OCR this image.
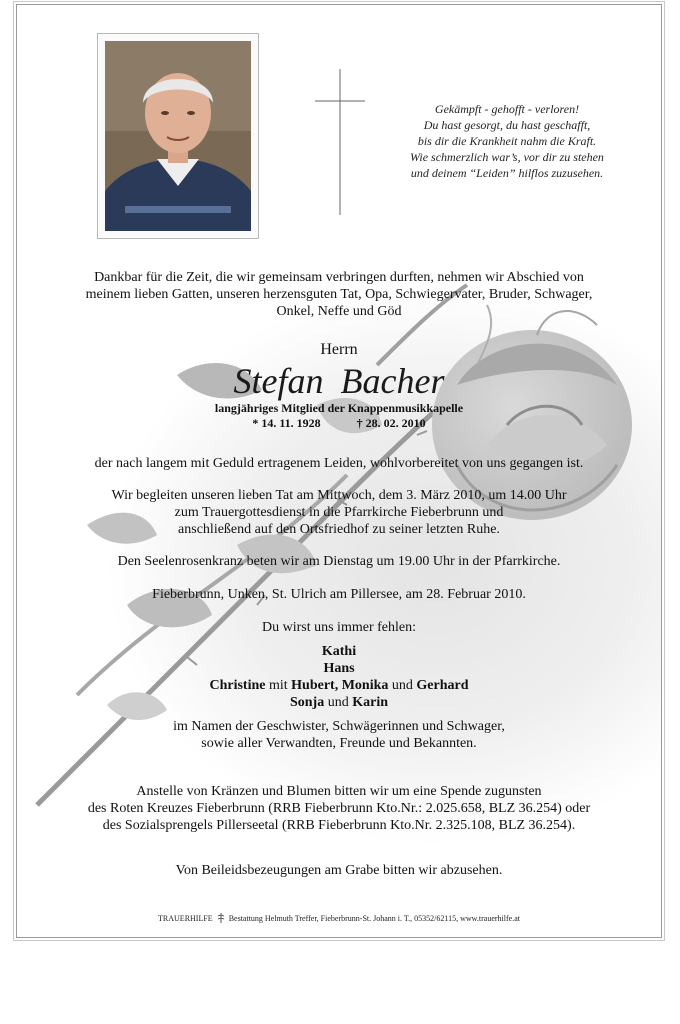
Gekämpft - gehofft - verloren!
Du hast gesorgt, du hast geschafft,
bis dir die Krankheit nahm die Kraft.
Wie schmerzlich war’s, vor dir zu stehen
und deinem “Leiden” hilflos zuzusehen.
Dankbar für die Zeit, die wir gemeinsam verbringen durften, nehmen wir Abschied von
meinem lieben Gatten, unseren herzensguten Tat, Opa, Schwiegervater, Bruder, Schwager,
Onkel, Neffe und Göd
Herrn
Stefan Bacher
langjähriges Mitglied der Knappenmusikkapelle
* 14. 11. 1928	† 28. 02. 2010
der nach langem mit Geduld ertragenem Leiden, wohlvorbereitet von uns gegangen ist.
Wir begleiten unseren lieben Tat am Mittwoch, dem 3. März 2010, um 14.00 Uhr
zum Trauergottesdienst in die Pfarrkirche Fieberbrunn und
anschließend auf den Ortsfriedhof zu seiner letzten Ruhe.
Den Seelenrosenkranz beten wir am Dienstag um 19.00 Uhr in der Pfarrkirche.
Fieberbrunn, Unken, St. Ulrich am Pillersee, am 28. Februar 2010.
Du wirst uns immer fehlen:
Kathi
Hans
Christine mit Hubert, Monika und Gerhard
Sonja und Karin
im Namen der Geschwister, Schwägerinnen und Schwager,
sowie aller Verwandten, Freunde und Bekannten.
Anstelle von Kränzen und Blumen bitten wir um eine Spende zugunsten
des Roten Kreuzes Fieberbrunn (RRB Fieberbrunn Kto.Nr.: 2.025.658, BLZ 36.254) oder
des Sozialsprengels Pillerseetal (RRB Fieberbrunn Kto.Nr. 2.325.108, BLZ 36.254).
Von Beileidsbezeugungen am Grabe bitten wir abzusehen.
TRAUERHILFE Bestattung Helmuth Treffer, Fieberbrunn-St. Johann i. T., 05352/62115, www.trauerhilfe.at
